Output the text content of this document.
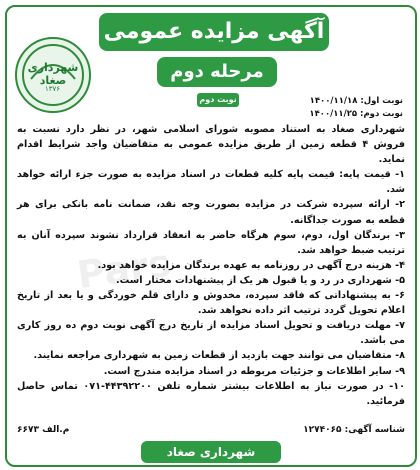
شهرداری صغاد
۱۳۷۶
آگهی مزایده عمومی
مرحله دوم
نوبت دوم	نوبت اول: ۱۴۰۰/۱۱/۱۸
نوبت دوم: ۱۴۰۰/۱۱/۲۵
Pars

شهرداری صغاد به استناد مصوبه شورای اسلامی شهر، در نظر دارد نسبت به فروش ۴ قطعه زمین از طریق مزایده عمومی به متقاضیان واجد شرایط اقدام نماید.

۱- قیمت پایه: قیمت پایه کلیه قطعات در اسناد مزایده به صورت جزء ارائه خواهد شد.

۲- ارائه سپرده شرکت در مزایده بصورت وجه نقد، ضمانت نامه بانکی برای هر قطعه به صورت جداگانه.

۳- برندگان اول، دوم، سوم هرگاه حاضر به انعقاد قرارداد نشوند سپرده آنان به ترتیب ضبط خواهد شد.

۴- هزینه درج آگهی در روزنامه به عهده برندگان مزایده خواهد بود.

۵- شهرداری در رد و یا قبول هر یک از پیشنهادات مختار است.

۶- به پیشنهاداتی که فاقد سپرده، مخدوش و دارای قلم خوردگی و یا بعد از تاریخ اعلام تحویل گردد ترتیب اثر داده نخواهد شد.

۷- مهلت دریافت و تحویل اسناد مزایده از تاریخ درج آگهی نوبت دوم ده روز کاری می باشد.

۸- متقاضیان می توانند جهت بازدید از قطعات زمین به شهرداری مراجعه نمایند.

۹- سایر اطلاعات و جزئیات مربوطه در اسناد مزایده مندرج است.

۱۰- در صورت نیاز به اطلاعات بیشتر شماره تلفن ۴۴۳۹۲۲۰۰-۰۷۱ تماس حاصل فرمائید.

شناسه آگهی: ۱۲۷۴۰۶۵
م.الف ۶۶۷۳
شهرداری صغاد
